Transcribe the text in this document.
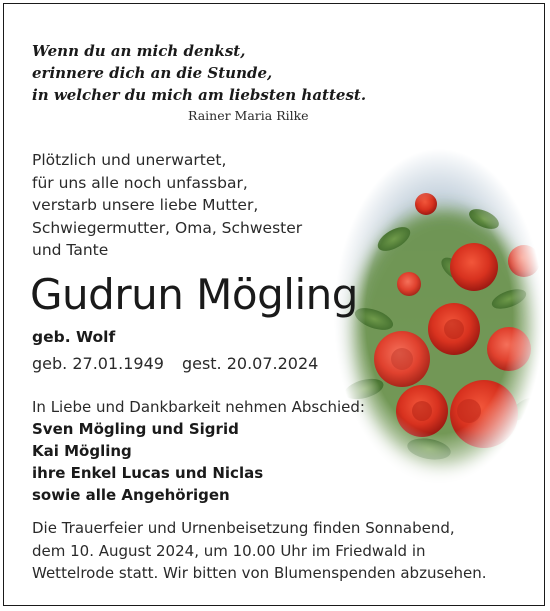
Wenn du an mich denkst,
erinnere dich an die Stunde,
in welcher du mich am liebsten hattest.
Rainer Maria Rilke
Plötzlich und unerwartet,
für uns alle noch unfassbar,
verstarb unsere liebe Mutter,
Schwiegermutter, Oma, Schwester
und Tante
Gudrun Mögling
geb. Wolf
geb. 27.01.1949 gest. 20.07.2024
In Liebe und Dankbarkeit nehmen Abschied:
Sven Mögling und Sigrid
Kai Mögling
ihre Enkel Lucas und Niclas
sowie alle Angehörigen
Die Trauerfeier und Urnenbeisetzung finden Sonnabend,
dem 10. August 2024, um 10.00 Uhr im Friedwald in
Wettelrode statt. Wir bitten von Blumenspenden abzusehen.
